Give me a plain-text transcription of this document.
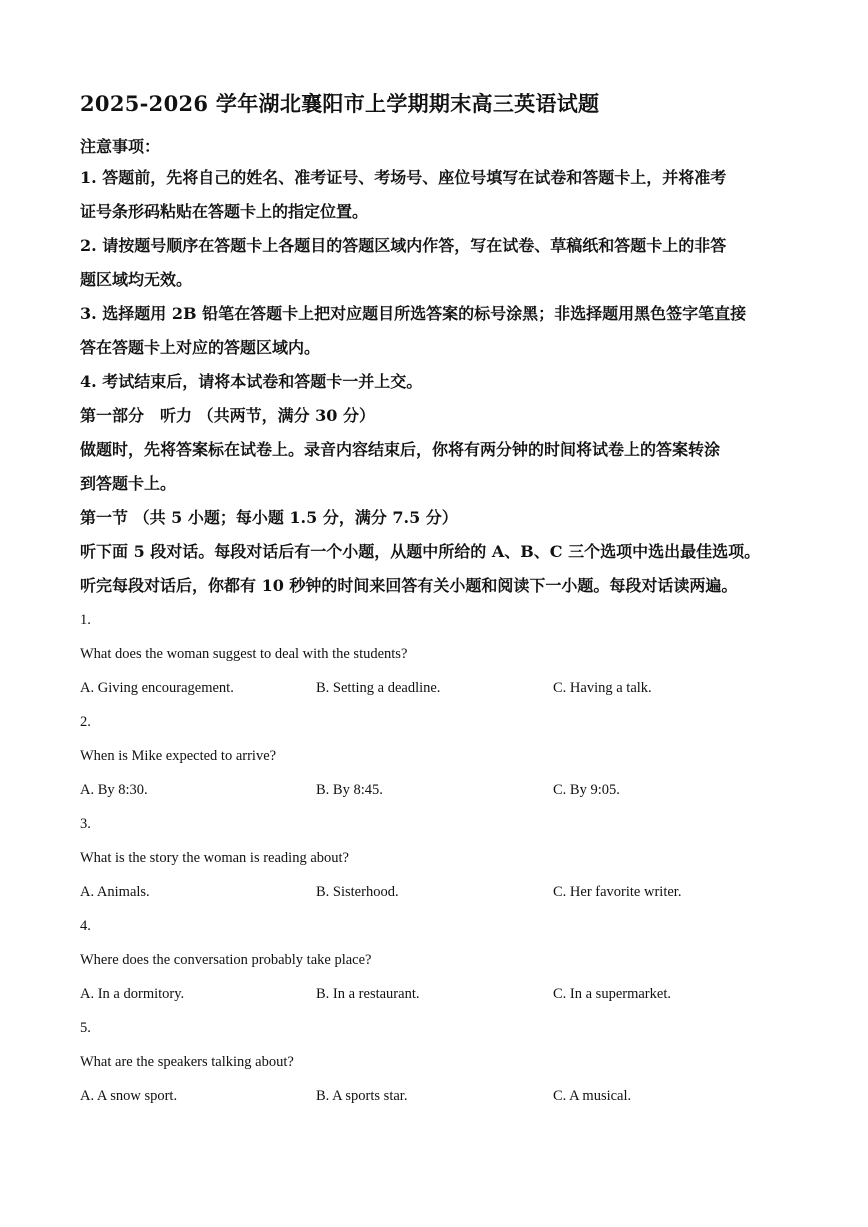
2025-2026 学年湖北襄阳市上学期期末高三英语试题
注意事项：
1. 答题前，先将自己的姓名、准考证号、考场号、座位号填写在试卷和答题卡上，并将准考
证号条形码粘贴在答题卡上的指定位置。
2. 请按题号顺序在答题卡上各题目的答题区域内作答，写在试卷、草稿纸和答题卡上的非答
题区域均无效。
3. 选择题用 2B 铅笔在答题卡上把对应题目所选答案的标号涂黑；非选择题用黑色签字笔直接
答在答题卡上对应的答题区域内。
4. 考试结束后，请将本试卷和答题卡一并上交。
第一部分　听力 （共两节，满分 30 分）
做题时，先将答案标在试卷上。录音内容结束后，你将有两分钟的时间将试卷上的答案转涂
到答题卡上。
第一节 （共 5 小题；每小题 1.5 分，满分 7.5 分）
听下面 5 段对话。每段对话后有一个小题，从题中所给的 A、B、C 三个选项中选出最佳选项。
听完每段对话后，你都有 10 秒钟的时间来回答有关小题和阅读下一小题。每段对话读两遍。
1.
What does the woman suggest to deal with the students?
A. Giving encouragement.	B. Setting a deadline.	C. Having a talk.
2.
When is Mike expected to arrive?
A. By 8:30.	B. By 8:45.	C. By 9:05.
3.
What is the story the woman is reading about?
A. Animals.	B. Sisterhood.	C. Her favorite writer.
4.
Where does the conversation probably take place?
A. In a dormitory.	B. In a restaurant.	C. In a supermarket.
5.
What are the speakers talking about?
A. A snow sport.	B. A sports star.	C. A musical.
